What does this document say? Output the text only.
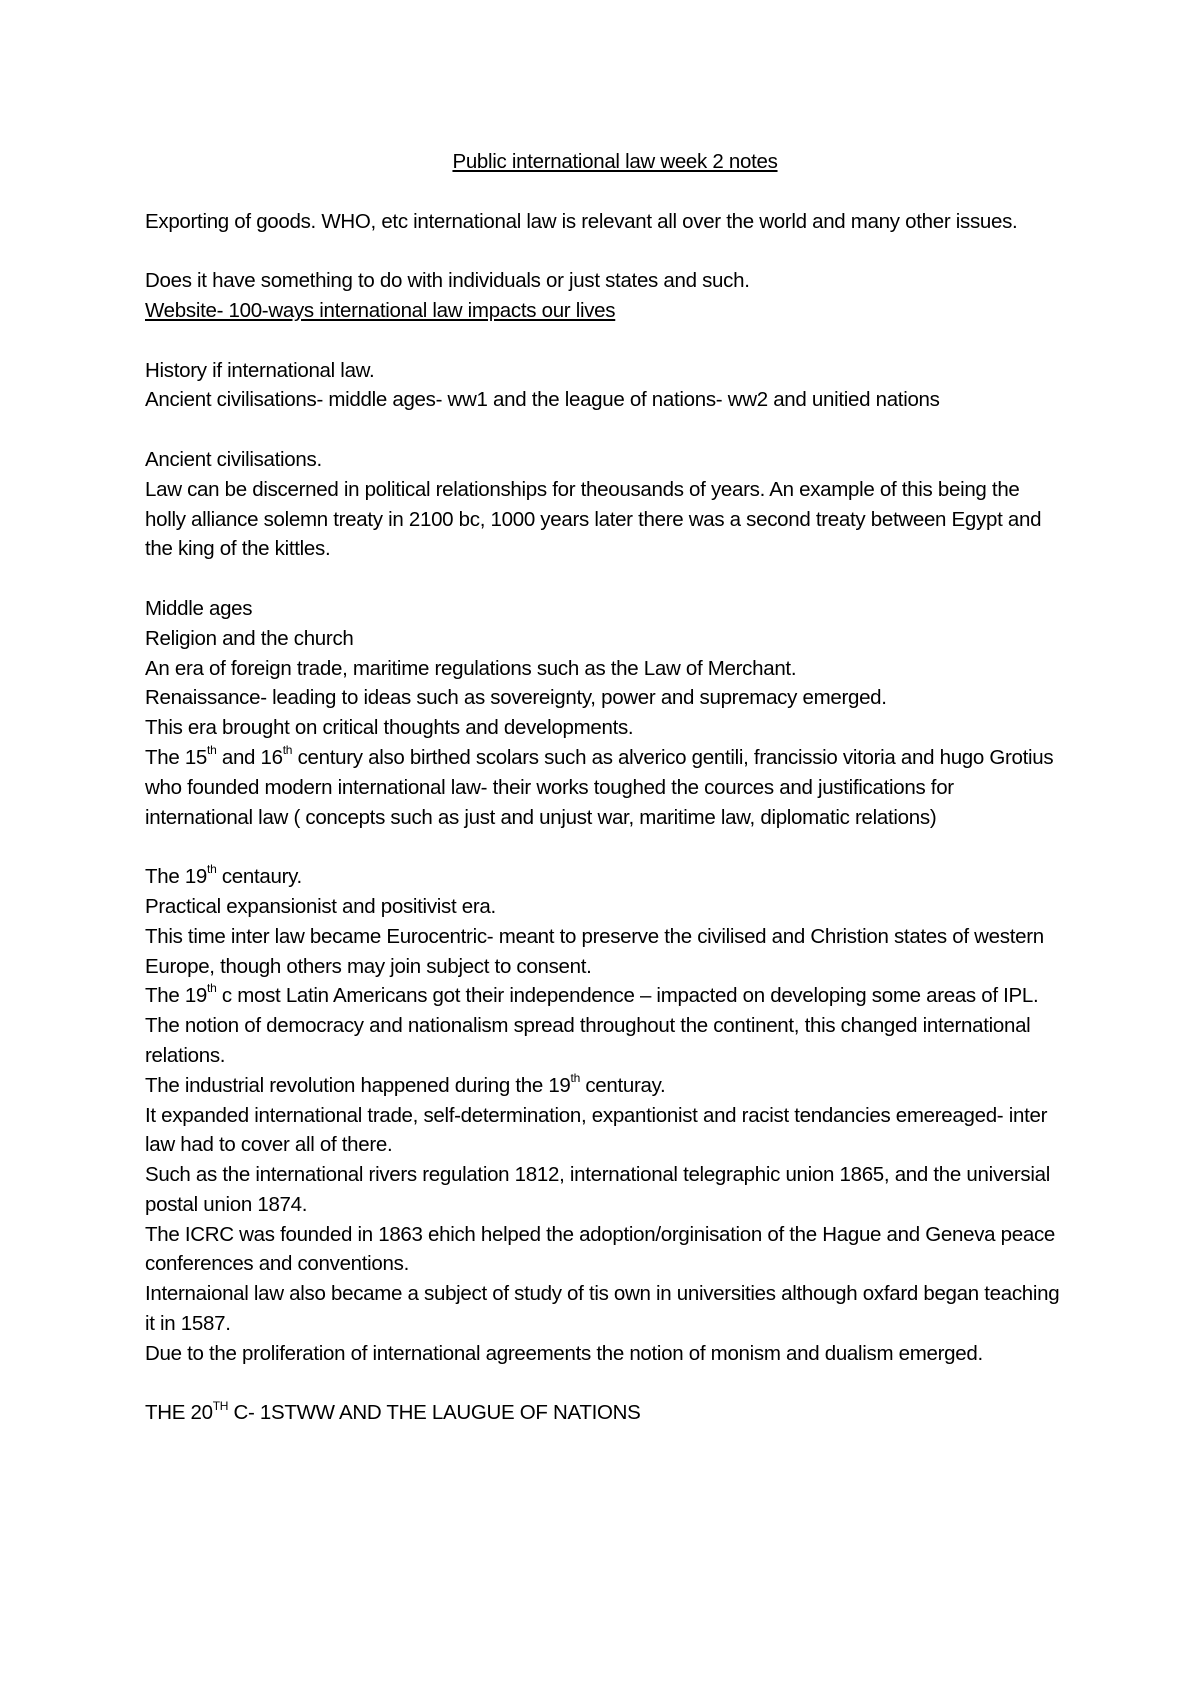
Public international law week 2 notes

Exporting of goods. WHO, etc international law is relevant all over the world and many other issues.

Does it have something to do with individuals or just states and such.

Website- 100-ways international law impacts our lives

History if international law.

Ancient civilisations- middle ages- ww1 and the league of nations- ww2 and unitied nations

Ancient civilisations.

Law can be discerned in political relationships for theousands of years. An example of this being the holly alliance solemn treaty in 2100 bc, 1000 years later there was a second treaty between Egypt and the king of the kittles.

Middle ages

Religion and the church

An era of foreign trade, maritime regulations such as the Law of Merchant.

Renaissance- leading to ideas such as sovereignty, power and supremacy emerged.

This era brought on critical thoughts and developments.

The 15th and 16th century also birthed scolars such as alverico gentili, francissio vitoria and hugo Grotius who founded modern international law- their works toughed the cources and justifications for international law ( concepts such as just and unjust war, maritime law, diplomatic relations)

The 19th centaury.

Practical expansionist and positivist era.

This time inter law became Eurocentric- meant to preserve the civilised and Christion states of western Europe, though others may join subject to consent.

The 19th c most Latin Americans got their independence – impacted on developing some areas of IPL.

The notion of democracy and nationalism spread throughout the continent, this changed international relations.

The industrial revolution happened during the 19th centuray.

It expanded international trade, self-determination, expantionist and racist tendancies emereaged- inter law had to cover all of there.

Such as the international rivers regulation 1812, international telegraphic union 1865, and the universial postal union 1874.

The ICRC was founded in 1863 ehich helped the adoption/orginisation of the Hague and Geneva peace conferences and conventions.

Internaional law also became a subject of study of tis own in universities although oxfard began teaching it in 1587.

Due to the proliferation of international agreements the notion of monism and dualism emerged.

THE 20TH C- 1STWW AND THE LAUGUE OF NATIONS
